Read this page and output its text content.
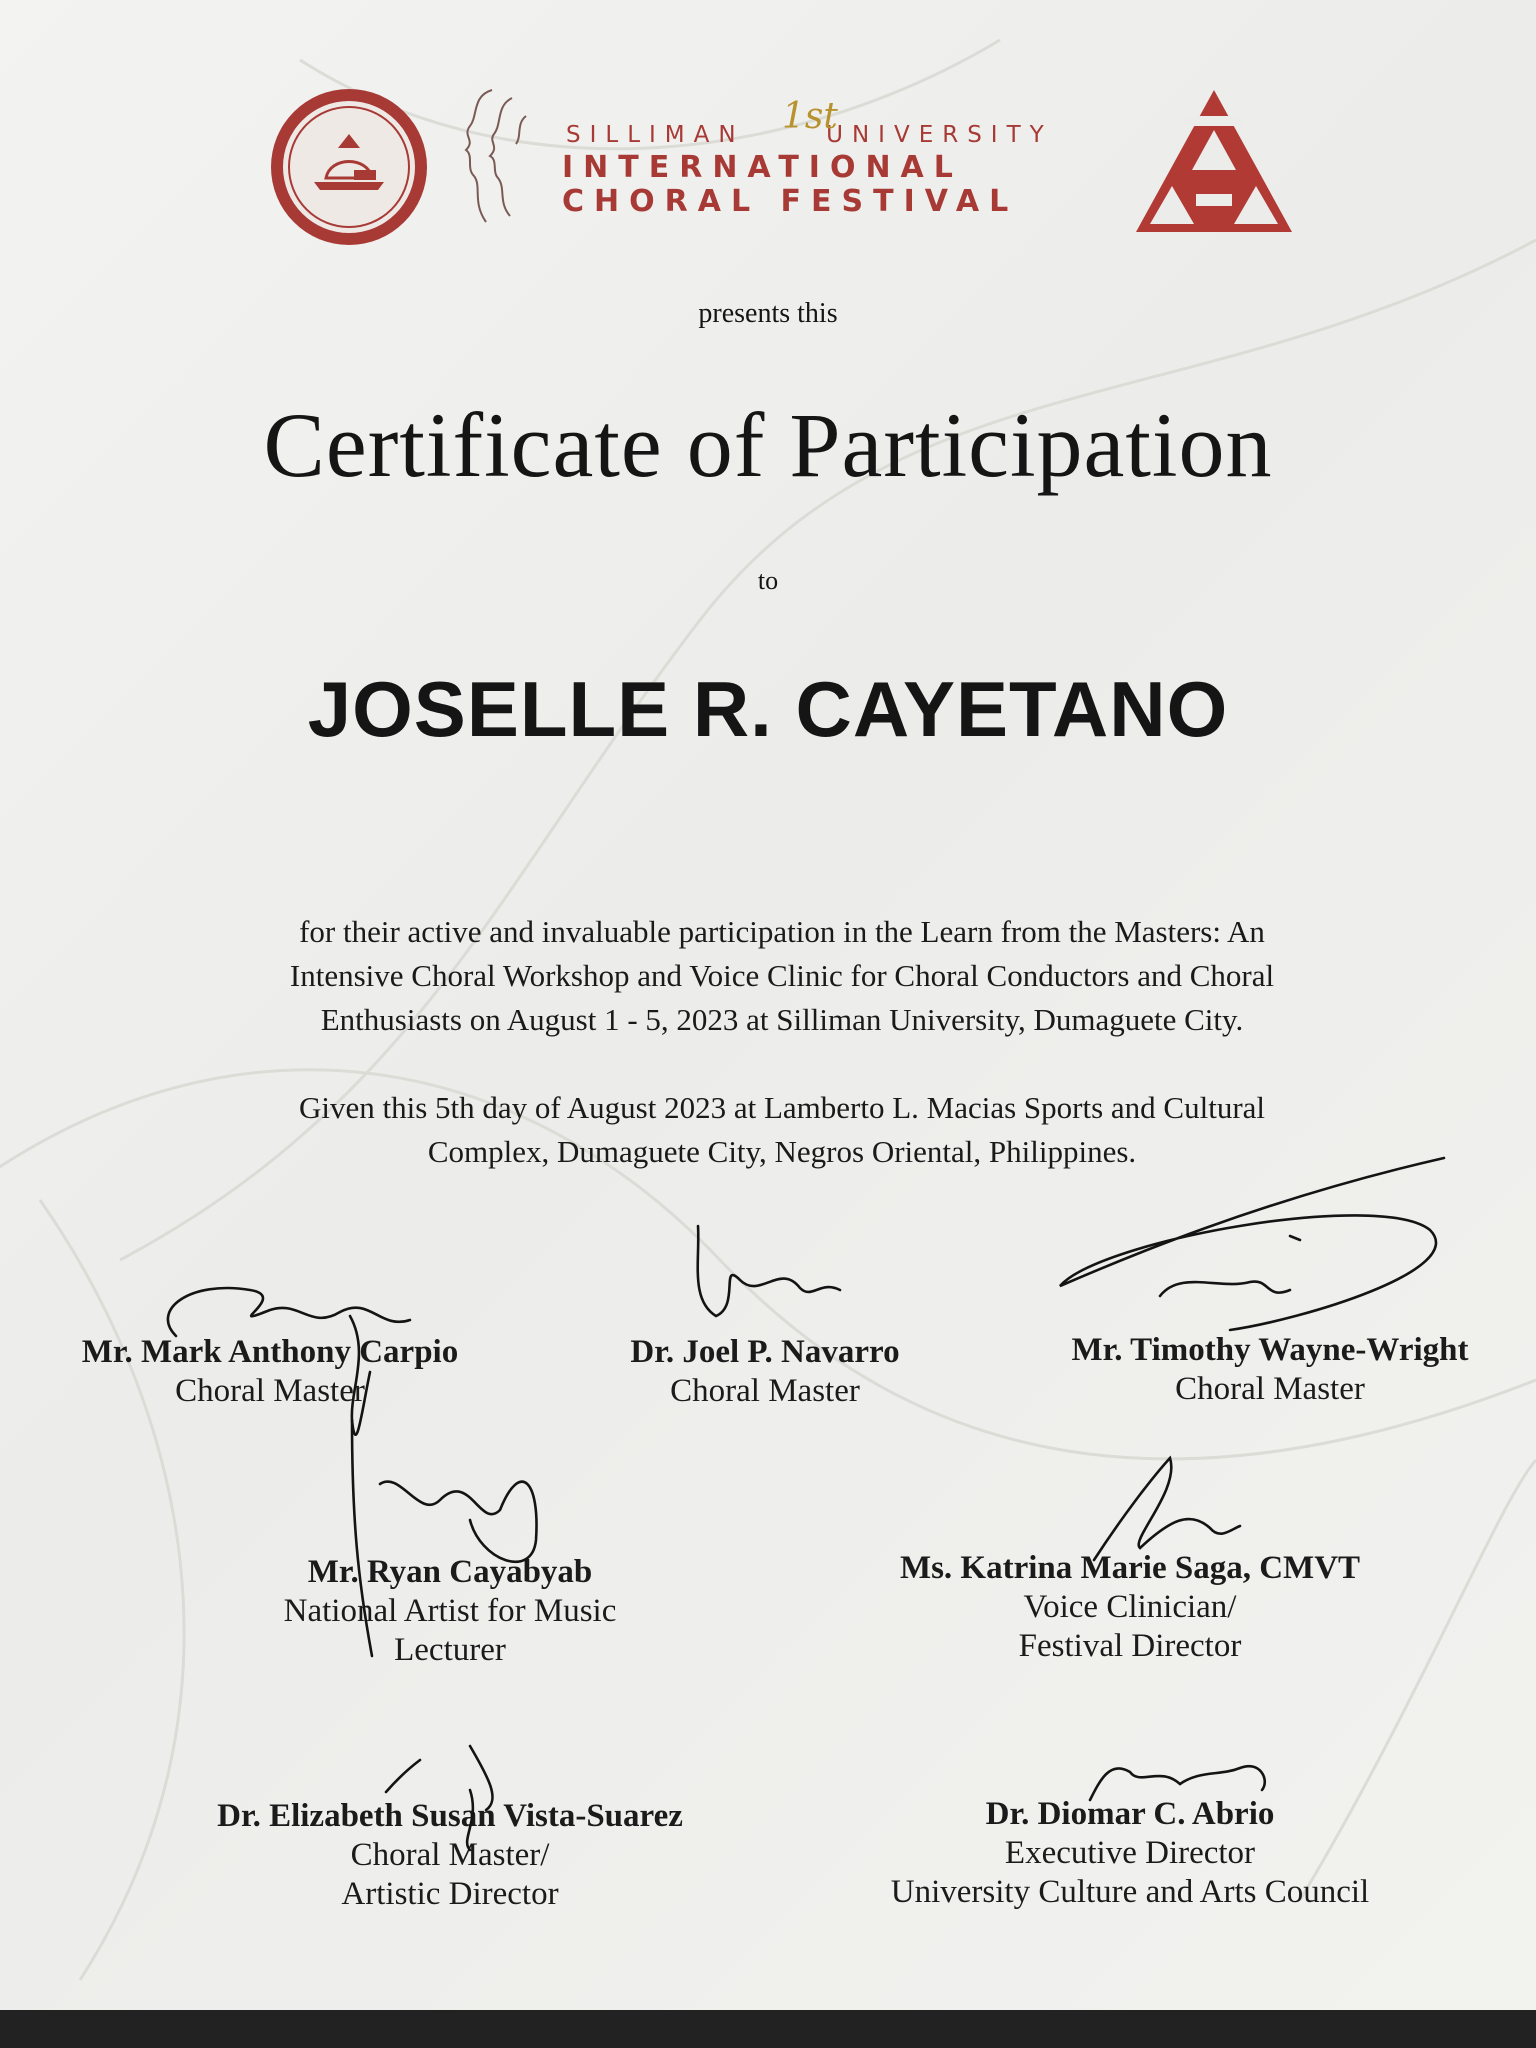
SILLIMAN	UNIVERSITY
1st
INTERNATIONAL
CHORAL FESTIVAL
presents this
Certificate of Participation
to
JOSELLE R. CAYETANO
for their active and invaluable participation in the Learn from the Masters: An
Intensive Choral Workshop and Voice Clinic for Choral Conductors and Choral
Enthusiasts on August 1 - 5, 2023 at Silliman University, Dumaguete City.
Given this 5th day of August 2023 at Lamberto L. Macias Sports and Cultural
Complex, Dumaguete City, Negros Oriental, Philippines.
Mr. Mark Anthony Carpio
Choral Master
Dr. Joel P. Navarro
Choral Master
Mr. Timothy Wayne-Wright
Choral Master
Mr. Ryan Cayabyab
National Artist for Music
Lecturer
Ms. Katrina Marie Saga, CMVT
Voice Clinician/
Festival Director
Dr. Elizabeth Susan Vista-Suarez
Choral Master/
Artistic Director
Dr. Diomar C. Abrio
Executive Director
University Culture and Arts Council
